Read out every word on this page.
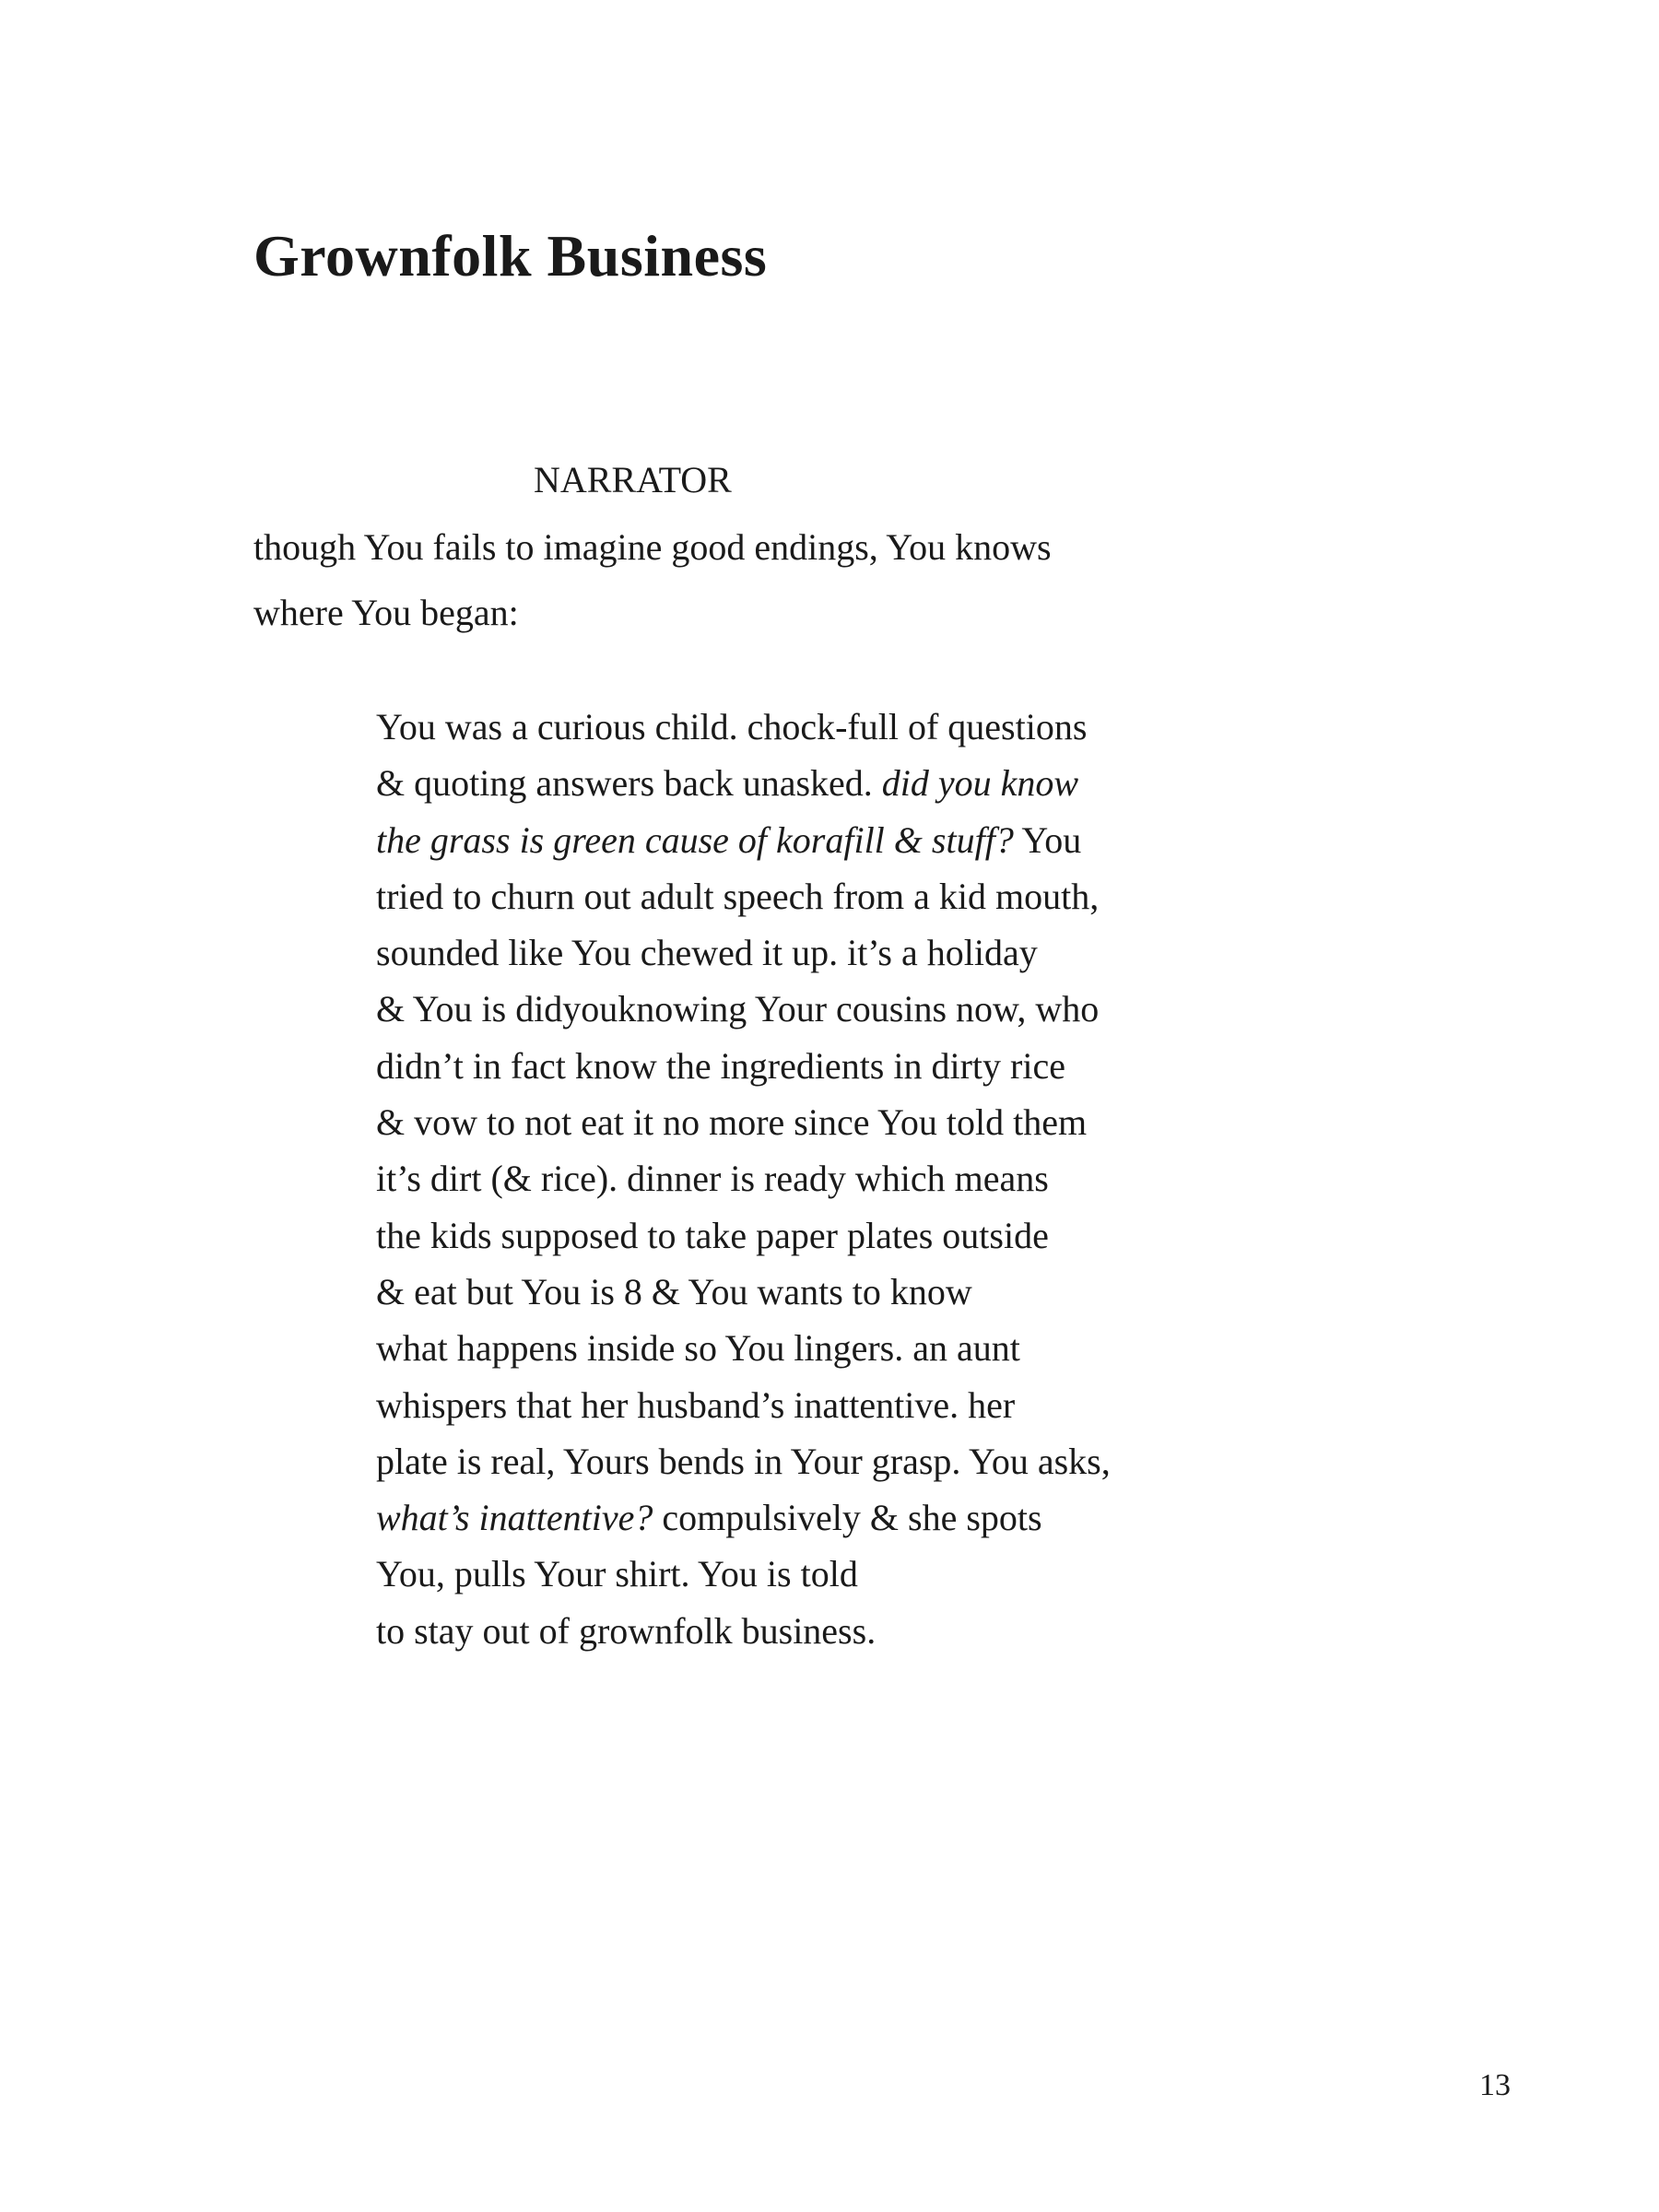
Grownfolk Business
NARRATOR
though You fails to imagine good endings, You knows
where You began:
You was a curious child. chock-full of questions
& quoting answers back unasked. did you know
the grass is green cause of korafill & stuff? You
tried to churn out adult speech from a kid mouth,
sounded like You chewed it up. it’s a holiday
& You is didyouknowing Your cousins now, who
didn’t in fact know the ingredients in dirty rice
& vow to not eat it no more since You told them
it’s dirt (& rice). dinner is ready which means
the kids supposed to take paper plates outside
& eat but You is 8 & You wants to know
what happens inside so You lingers. an aunt
whispers that her husband’s inattentive. her
plate is real, Yours bends in Your grasp. You asks,
what’s inattentive? compulsively & she spots
You, pulls Your shirt. You is told
to stay out of grownfolk business.
13
